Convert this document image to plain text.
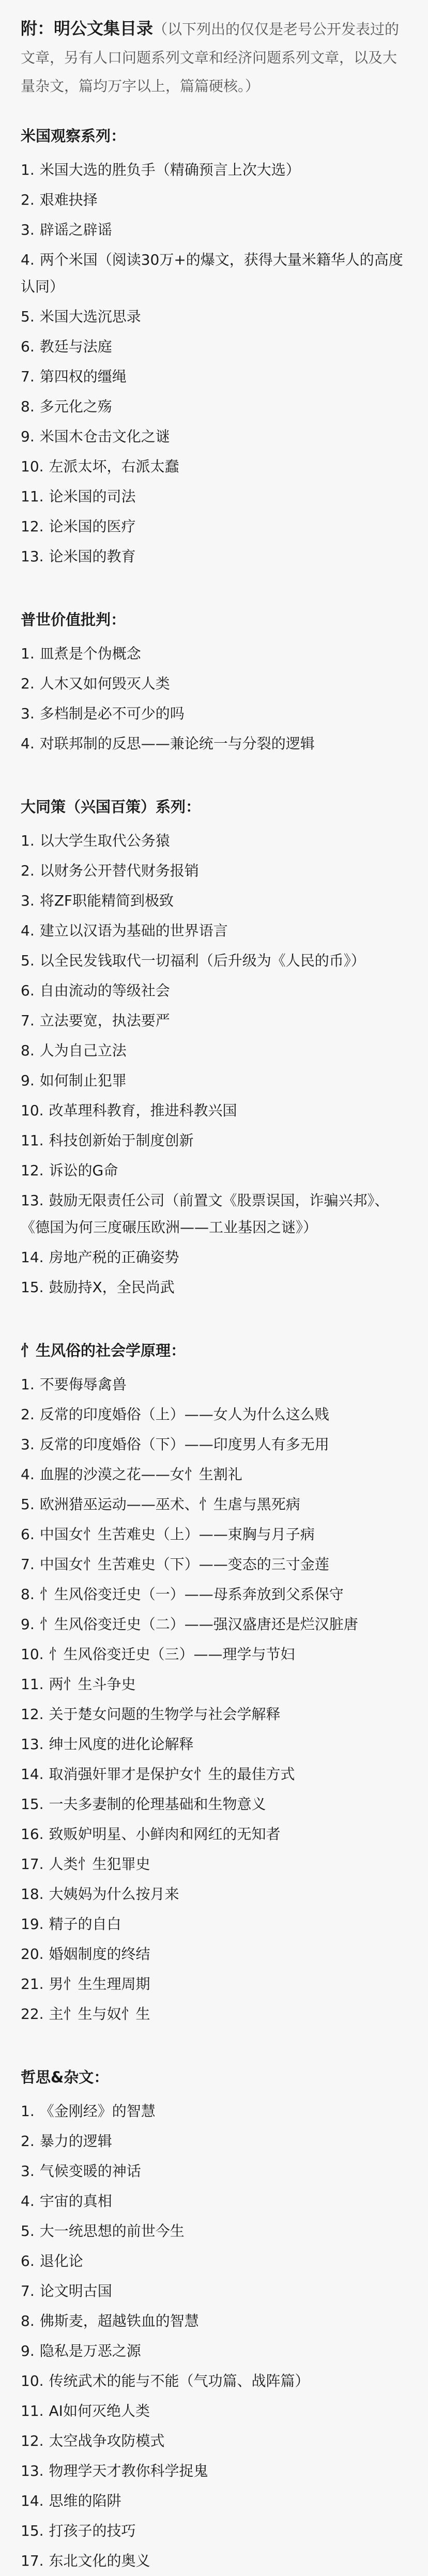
附：明公文集目录（以下列出的仅仅是老号公开发表过的文章，另有人口问题系列文章和经济问题系列文章，以及大量杂文，篇均万字以上，篇篇硬核。）
米国观察系列：
1. 米国大选的胜负手（精确预言上次大选）
2. 艰难抉择
3. 辟谣之辟谣
4. 两个米国（阅读30万+的爆文，获得大量米籍华人的高度认同）
5. 米国大选沉思录
6. 教廷与法庭
7. 第四权的缰绳
8. 多元化之殇
9. 米国木仓击文化之谜
10. 左派太坏，右派太蠢
11. 论米国的司法
12. 论米国的医疗
13. 论米国的教育
普世价值批判：
1. 皿煮是个伪概念
2. 人木又如何毁灭人类
3. 多档制是必不可少的吗
4. 对联邦制的反思——兼论统一与分裂的逻辑
大同策（兴国百策）系列：
1. 以大学生取代公务猿
2. 以财务公开替代财务报销
3. 将ZF职能精简到极致
4. 建立以汉语为基础的世界语言
5. 以全民发钱取代一切福利（后升级为《人民的币》）
6. 自由流动的等级社会
7. 立法要宽，执法要严
8. 人为自己立法
9. 如何制止犯罪
10. 改革理科教育，推进科教兴国
11. 科技创新始于制度创新
12. 诉讼的G命
13. 鼓励无限责任公司（前置文《股票误国，诈骗兴邦》、《德国为何三度碾压欧洲——工业基因之谜》）
14. 房地产税的正确姿势
15. 鼓励持X，全民尚武
忄生风俗的社会学原理：
1. 不要侮辱禽兽
2. 反常的印度婚俗（上）——女人为什么这么贱
3. 反常的印度婚俗（下）——印度男人有多无用
4. 血腥的沙漠之花——女忄生割礼
5. 欧洲猎巫运动——巫术、忄生虐与黑死病
6. 中国女忄生苦难史（上）——束胸与月子病
7. 中国女忄生苦难史（下）——变态的三寸金莲
8. 忄生风俗变迁史（一）——母系奔放到父系保守
9. 忄生风俗变迁史（二）——强汉盛唐还是烂汉脏唐
10. 忄生风俗变迁史（三）——理学与节妇
11. 两忄生斗争史
12. 关于楚女问题的生物学与社会学解释
13. 绅士风度的进化论解释
14. 取消强奸罪才是保护女忄生的最佳方式
15. 一夫多妻制的伦理基础和生物意义
16. 致贩妒明星、小鲜肉和网红的无知者
17. 人类忄生犯罪史
18. 大姨妈为什么按月来
19. 精子的自白
20. 婚姻制度的终结
21. 男忄生生理周期
22. 主忄生与奴忄生
哲思&杂文：
1. 《金刚经》的智慧
2. 暴力的逻辑
3. 气候变暖的神话
4. 宇宙的真相
5. 大一统思想的前世今生
6. 退化论
7. 论文明古国
8. 佛斯麦，超越铁血的智慧
9. 隐私是万恶之源
10. 传统武术的能与不能（气功篇、战阵篇）
11. AI如何灭绝人类
12. 太空战争攻防模式
13. 物理学天才教你科学捉鬼
14. 思维的陷阱
15. 打孩子的技巧
17. 东北文化的奥义
